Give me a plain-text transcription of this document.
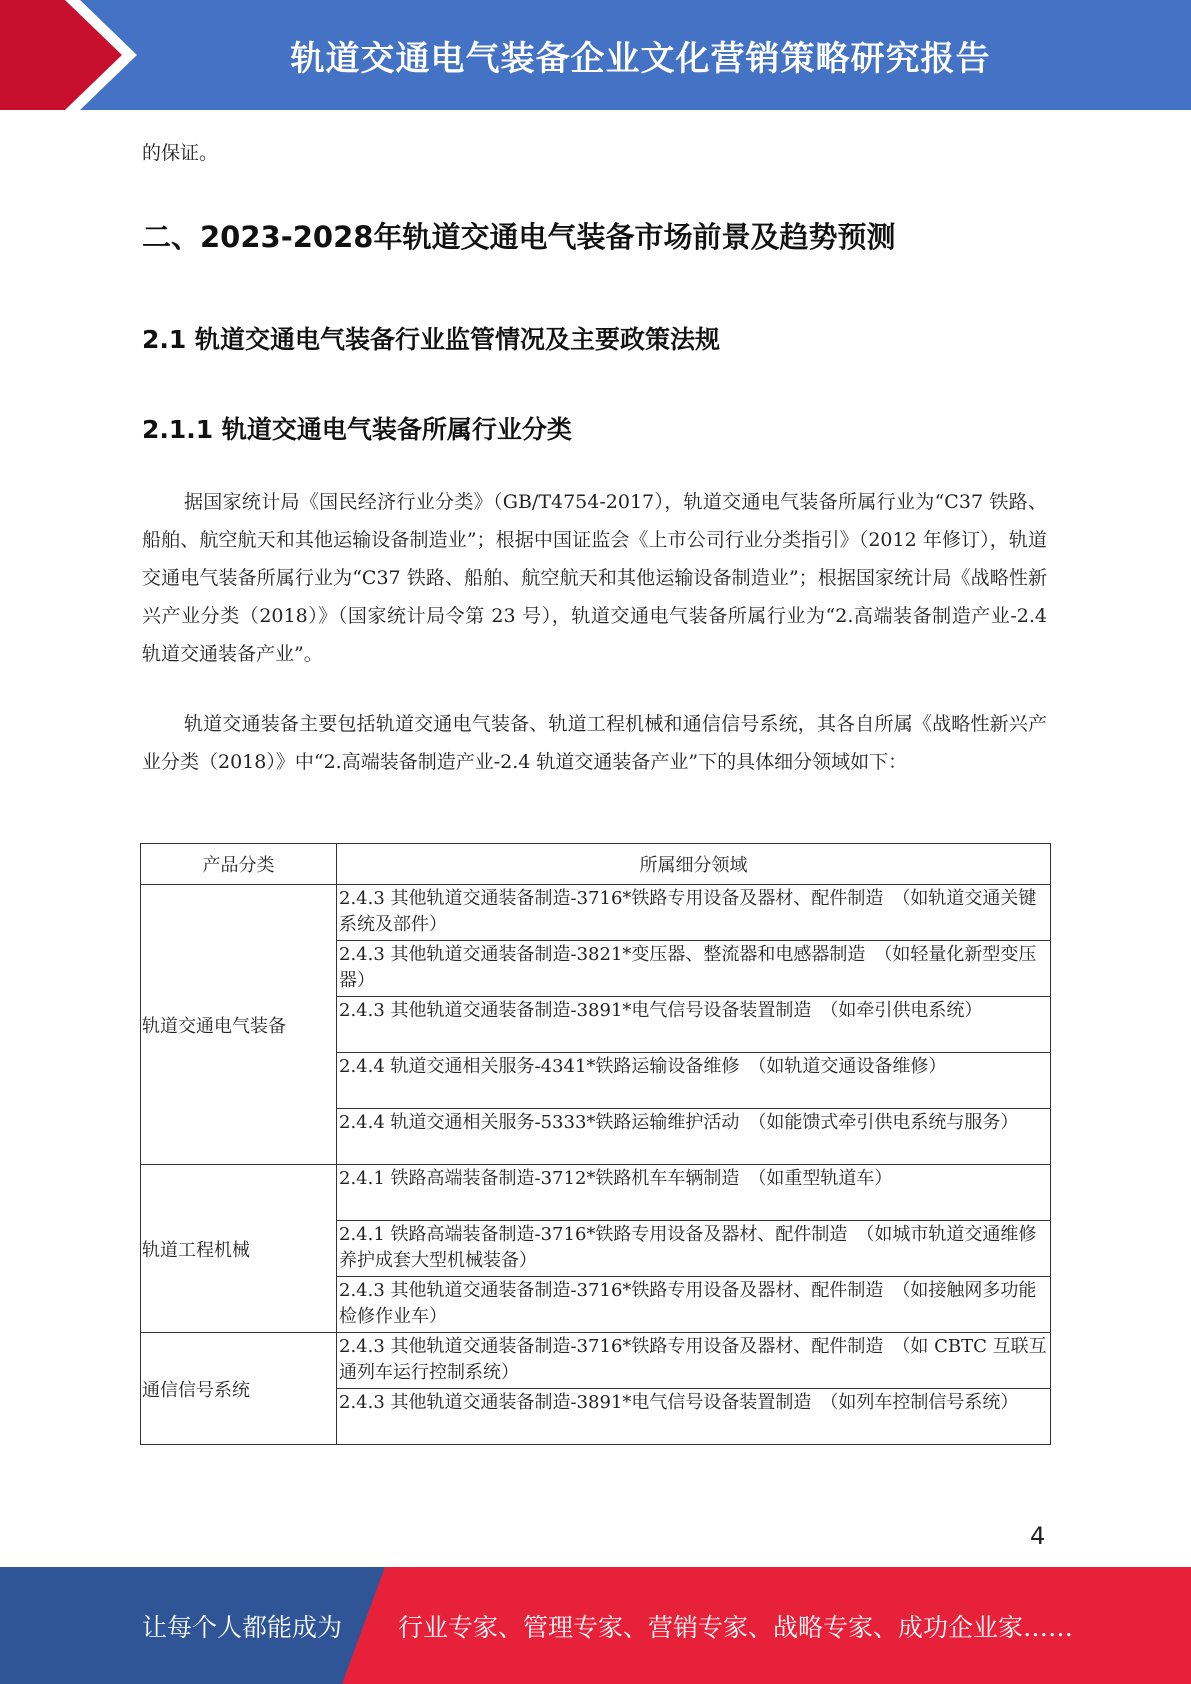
轨道交通电气装备企业文化营销策略研究报告
的保证。
二、2023-2028年轨道交通电气装备市场前景及趋势预测
2.1 轨道交通电气装备行业监管情况及主要政策法规
2.1.1 轨道交通电气装备所属行业分类

据国家统计局《国民经济行业分类》（GB/T4754-2017），轨道交通电气装备所属行业为“C37 铁路、船舶、航空航天和其他运输设备制造业”；根据中国证监会《上市公司行业分类指引》（2012 年修订），轨道交通电气装备所属行业为“C37 铁路、船舶、航空航天和其他运输设备制造业”；根据国家统计局《战略性新兴产业分类（2018）》（国家统计局令第 23 号），轨道交通电气装备所属行业为“2.高端装备制造产业-2.4 轨道交通装备产业”。

轨道交通装备主要包括轨道交通电气装备、轨道工程机械和通信信号系统，其各自所属《战略性新兴产业分类（2018）》中“2.高端装备制造产业-2.4 轨道交通装备产业”下的具体细分领域如下：

产品分类	所属细分领域
轨道交通电气装备	2.4.3 其他轨道交通装备制造-3716*铁路专用设备及器材、配件制造　（如轨道交通关键系统及部件）
	2.4.3 其他轨道交通装备制造-3821*变压器、整流器和电感器制造　（如轻量化新型变压器）
	2.4.3 其他轨道交通装备制造-3891*电气信号设备装置制造　（如牵引供电系统）
	2.4.4 轨道交通相关服务-4341*铁路运输设备维修　（如轨道交通设备维修）
	2.4.4 轨道交通相关服务-5333*铁路运输维护活动　（如能馈式牵引供电系统与服务）
轨道工程机械	2.4.1 铁路高端装备制造-3712*铁路机车车辆制造　（如重型轨道车）
	2.4.1 铁路高端装备制造-3716*铁路专用设备及器材、配件制造　（如城市轨道交通维修养护成套大型机械装备）
	2.4.3 其他轨道交通装备制造-3716*铁路专用设备及器材、配件制造　（如接触网多功能检修作业车）
通信信号系统	2.4.3 其他轨道交通装备制造-3716*铁路专用设备及器材、配件制造　（如 CBTC 互联互通列车运行控制系统）
	2.4.3 其他轨道交通装备制造-3891*电气信号设备装置制造　（如列车控制信号系统）
4
让每个人都能成为 行业专家、管理专家、营销专家、战略专家、成功企业家……
